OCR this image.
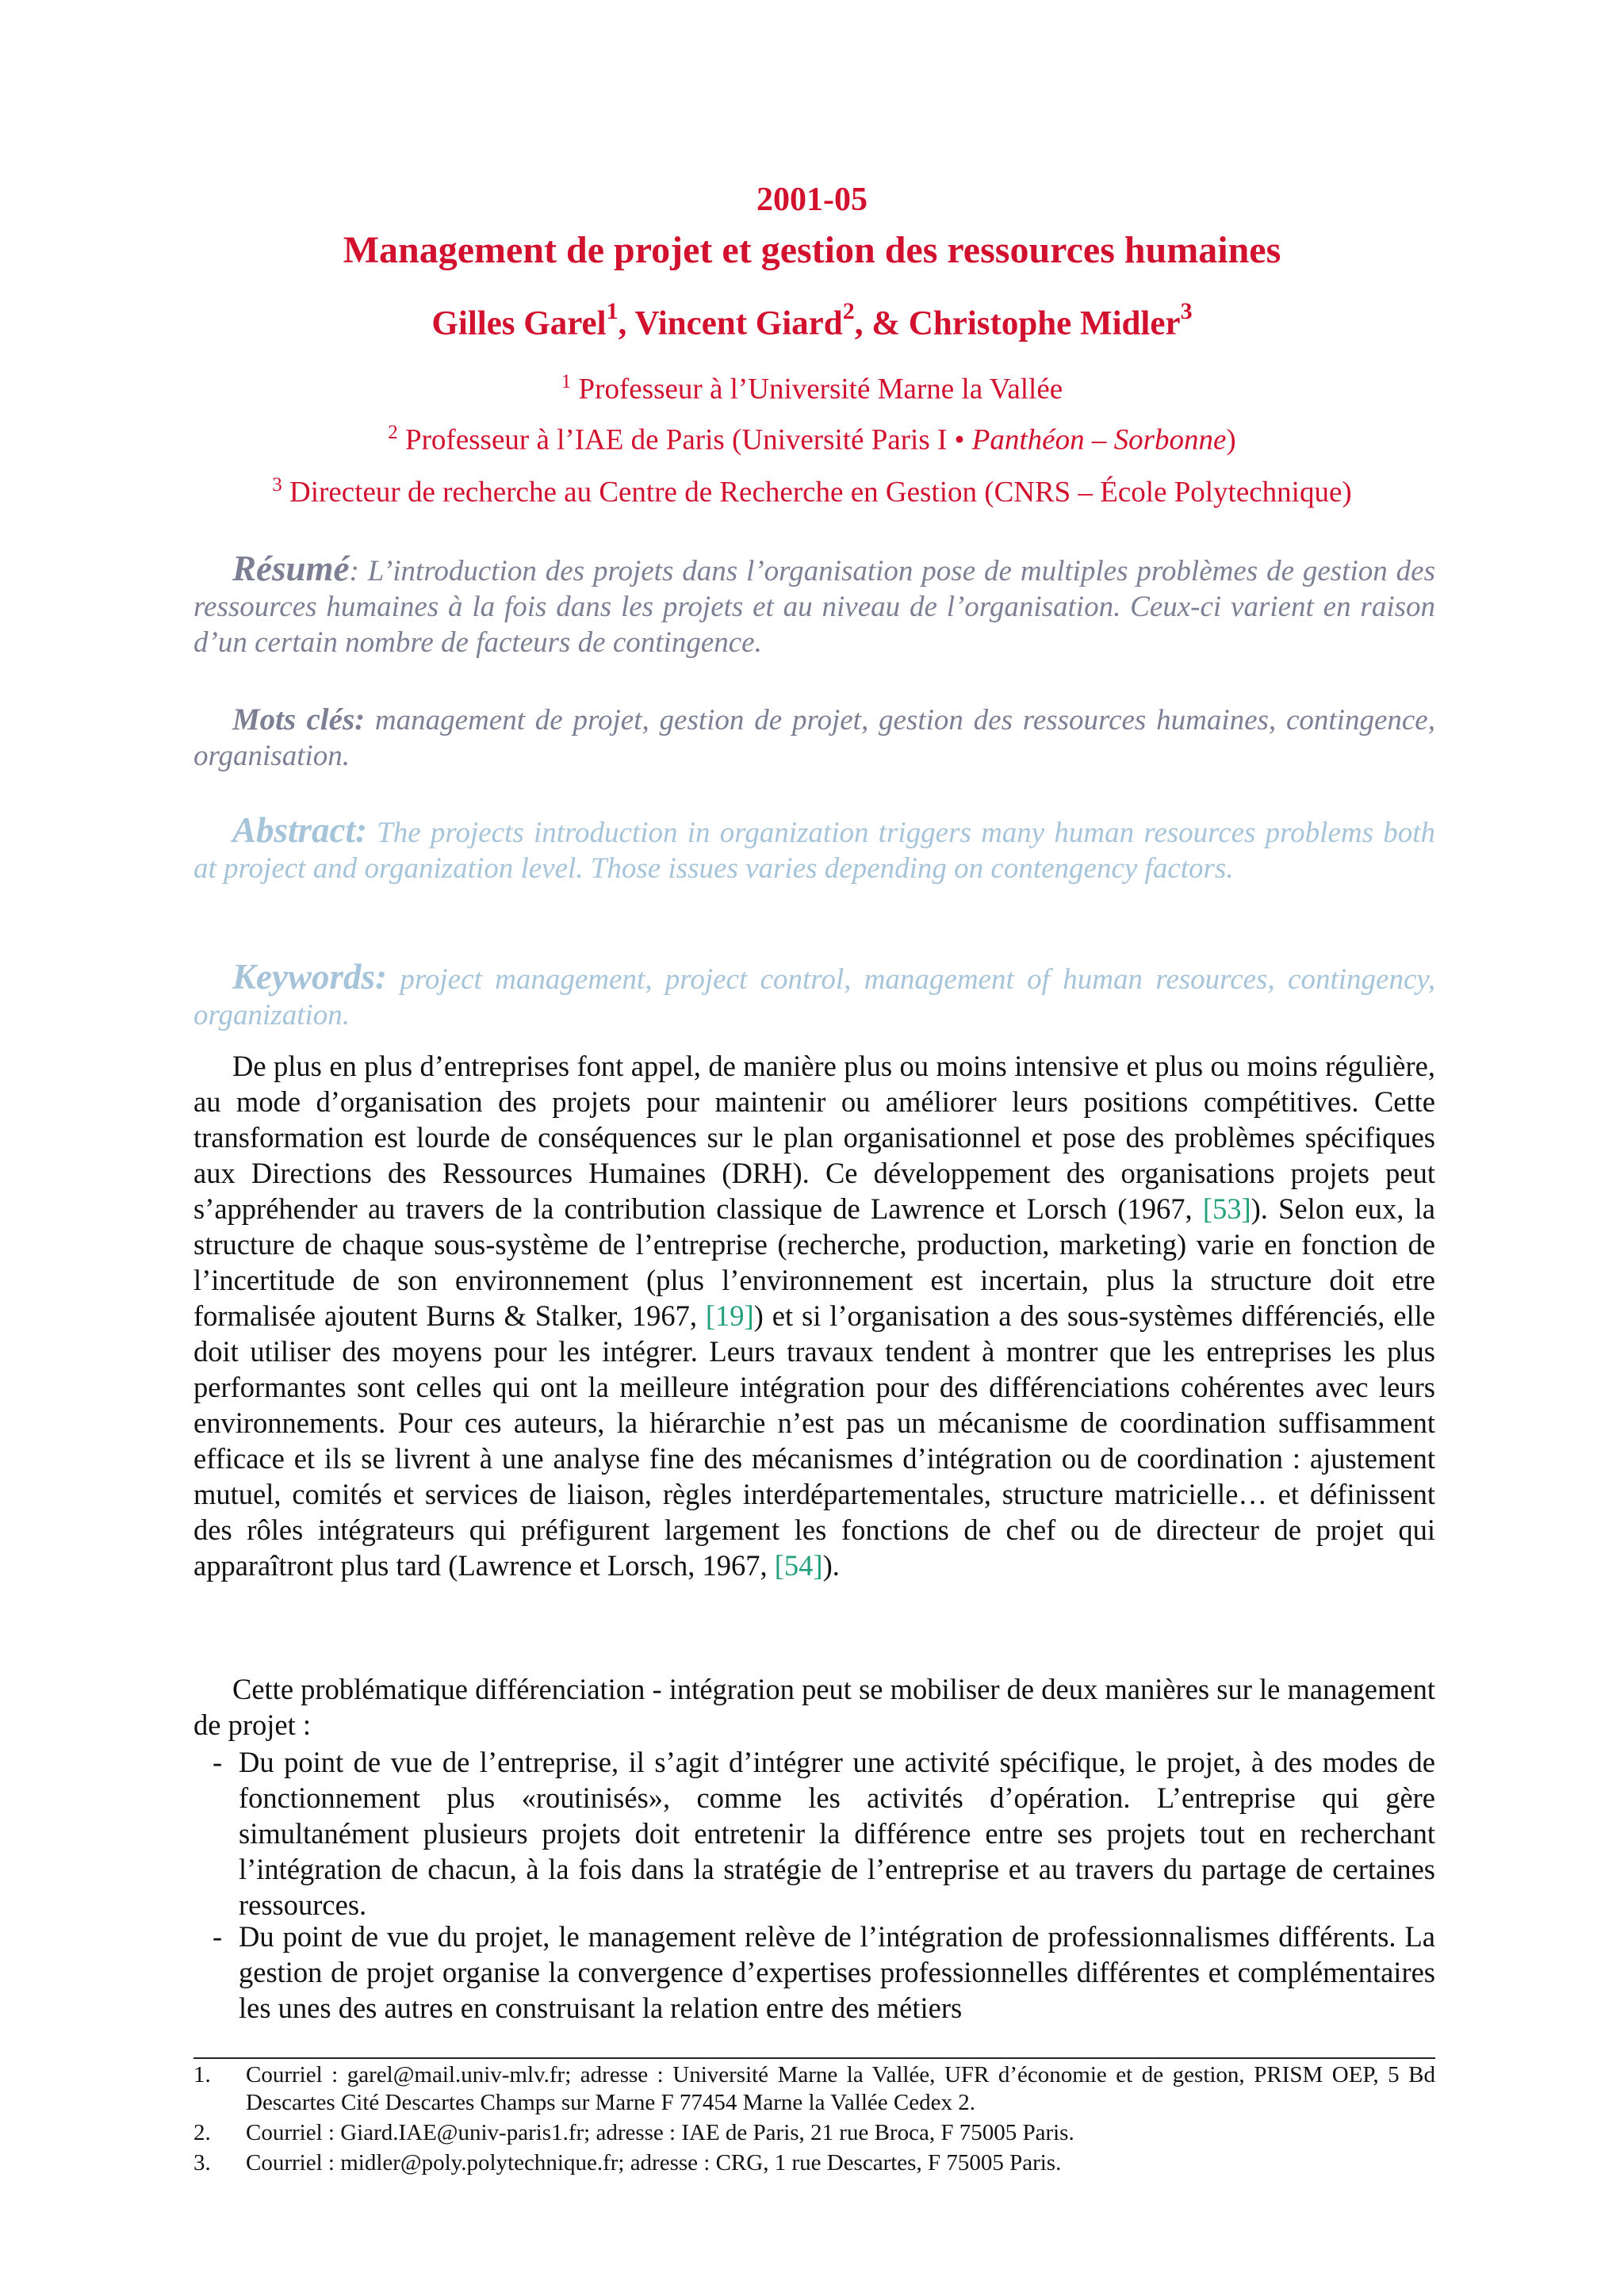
2001-05
Management de projet et gestion des ressources humaines
Gilles Garel$^1$, Vincent Giard$^2$, & Christophe Midler$^3$
$^1$ Professeur à l’Université Marne la Vallée
$^2$ Professeur à l’IAE de Paris (Université Paris I • Panthéon – Sorbonne)
$^3$ Directeur de recherche au Centre de Recherche en Gestion (CNRS – École Polytechnique)
Résumé: L’introduction des projets dans l’organisation pose de multiples problèmes de gestion des ressources humaines à la fois dans les projets et au niveau de l’organisation. Ceux-ci varient en raison d’un certain nombre de facteurs de contingence.
Mots clés: management de projet, gestion de projet, gestion des ressources humaines, contingence, organisation.
Abstract: The projects introduction in organization triggers many human resources problems both at project and organization level. Those issues varies depending on contengency factors.
Keywords: project management, project control, management of human resources, contingency, organization.
De plus en plus d’entreprises font appel, de manière plus ou moins intensive et plus ou moins régulière, au mode d’organisation des projets pour maintenir ou améliorer leurs positions compétitives. Cette transformation est lourde de conséquences sur le plan organisationnel et pose des problèmes spécifiques aux Directions des Ressources Humaines (DRH). Ce développement des organisations projets peut s’appréhender au travers de la contribution classique de Lawrence et Lorsch (1967, [53]). Selon eux, la structure de chaque sous-système de l’entreprise (recherche, production, marketing) varie en fonction de l’incertitude de son environnement (plus l’environnement est incertain, plus la structure doit etre formalisée ajoutent Burns & Stalker, 1967, [19]) et si l’organisation a des sous-systèmes différenciés, elle doit utiliser des moyens pour les intégrer. Leurs travaux tendent à montrer que les entreprises les plus performantes sont celles qui ont la meilleure intégration pour des différenciations cohérentes avec leurs environnements. Pour ces auteurs, la hiérarchie n’est pas un mécanisme de coordination suffisamment efficace et ils se livrent à une analyse fine des mécanismes d’intégration ou de coordination : ajustement mutuel, comités et services de liaison, règles interdépartementales, structure matricielle… et définissent des rôles intégrateurs qui préfigurent largement les fonctions de chef ou de directeur de projet qui apparaîtront plus tard (Lawrence et Lorsch, 1967, [54]).
Cette problématique différenciation - intégration peut se mobiliser de deux manières sur le management de projet :
- Du point de vue de l’entreprise, il s’agit d’intégrer une activité spécifique, le projet, à des modes de fonctionnement plus «routinisés», comme les activités d’opération. L’entreprise qui gère simultanément plusieurs projets doit entretenir la différence entre ses projets tout en recherchant l’intégration de chacun, à la fois dans la stratégie de l’entreprise et au travers du partage de certaines ressources.
- Du point de vue du projet, le management relève de l’intégration de professionnalismes différents. La gestion de projet organise la convergence d’expertises professionnelles différentes et complémentaires les unes des autres en construisant la relation entre des métiers
1. Courriel : garel@mail.univ-mlv.fr; adresse : Université Marne la Vallée, UFR d’économie et de gestion, PRISM OEP, 5 Bd Descartes Cité Descartes Champs sur Marne F 77454 Marne la Vallée Cedex 2.
2. Courriel : Giard.IAE@univ-paris1.fr; adresse : IAE de Paris, 21 rue Broca, F 75005 Paris.
3. Courriel : midler@poly.polytechnique.fr; adresse : CRG, 1 rue Descartes, F 75005 Paris.
